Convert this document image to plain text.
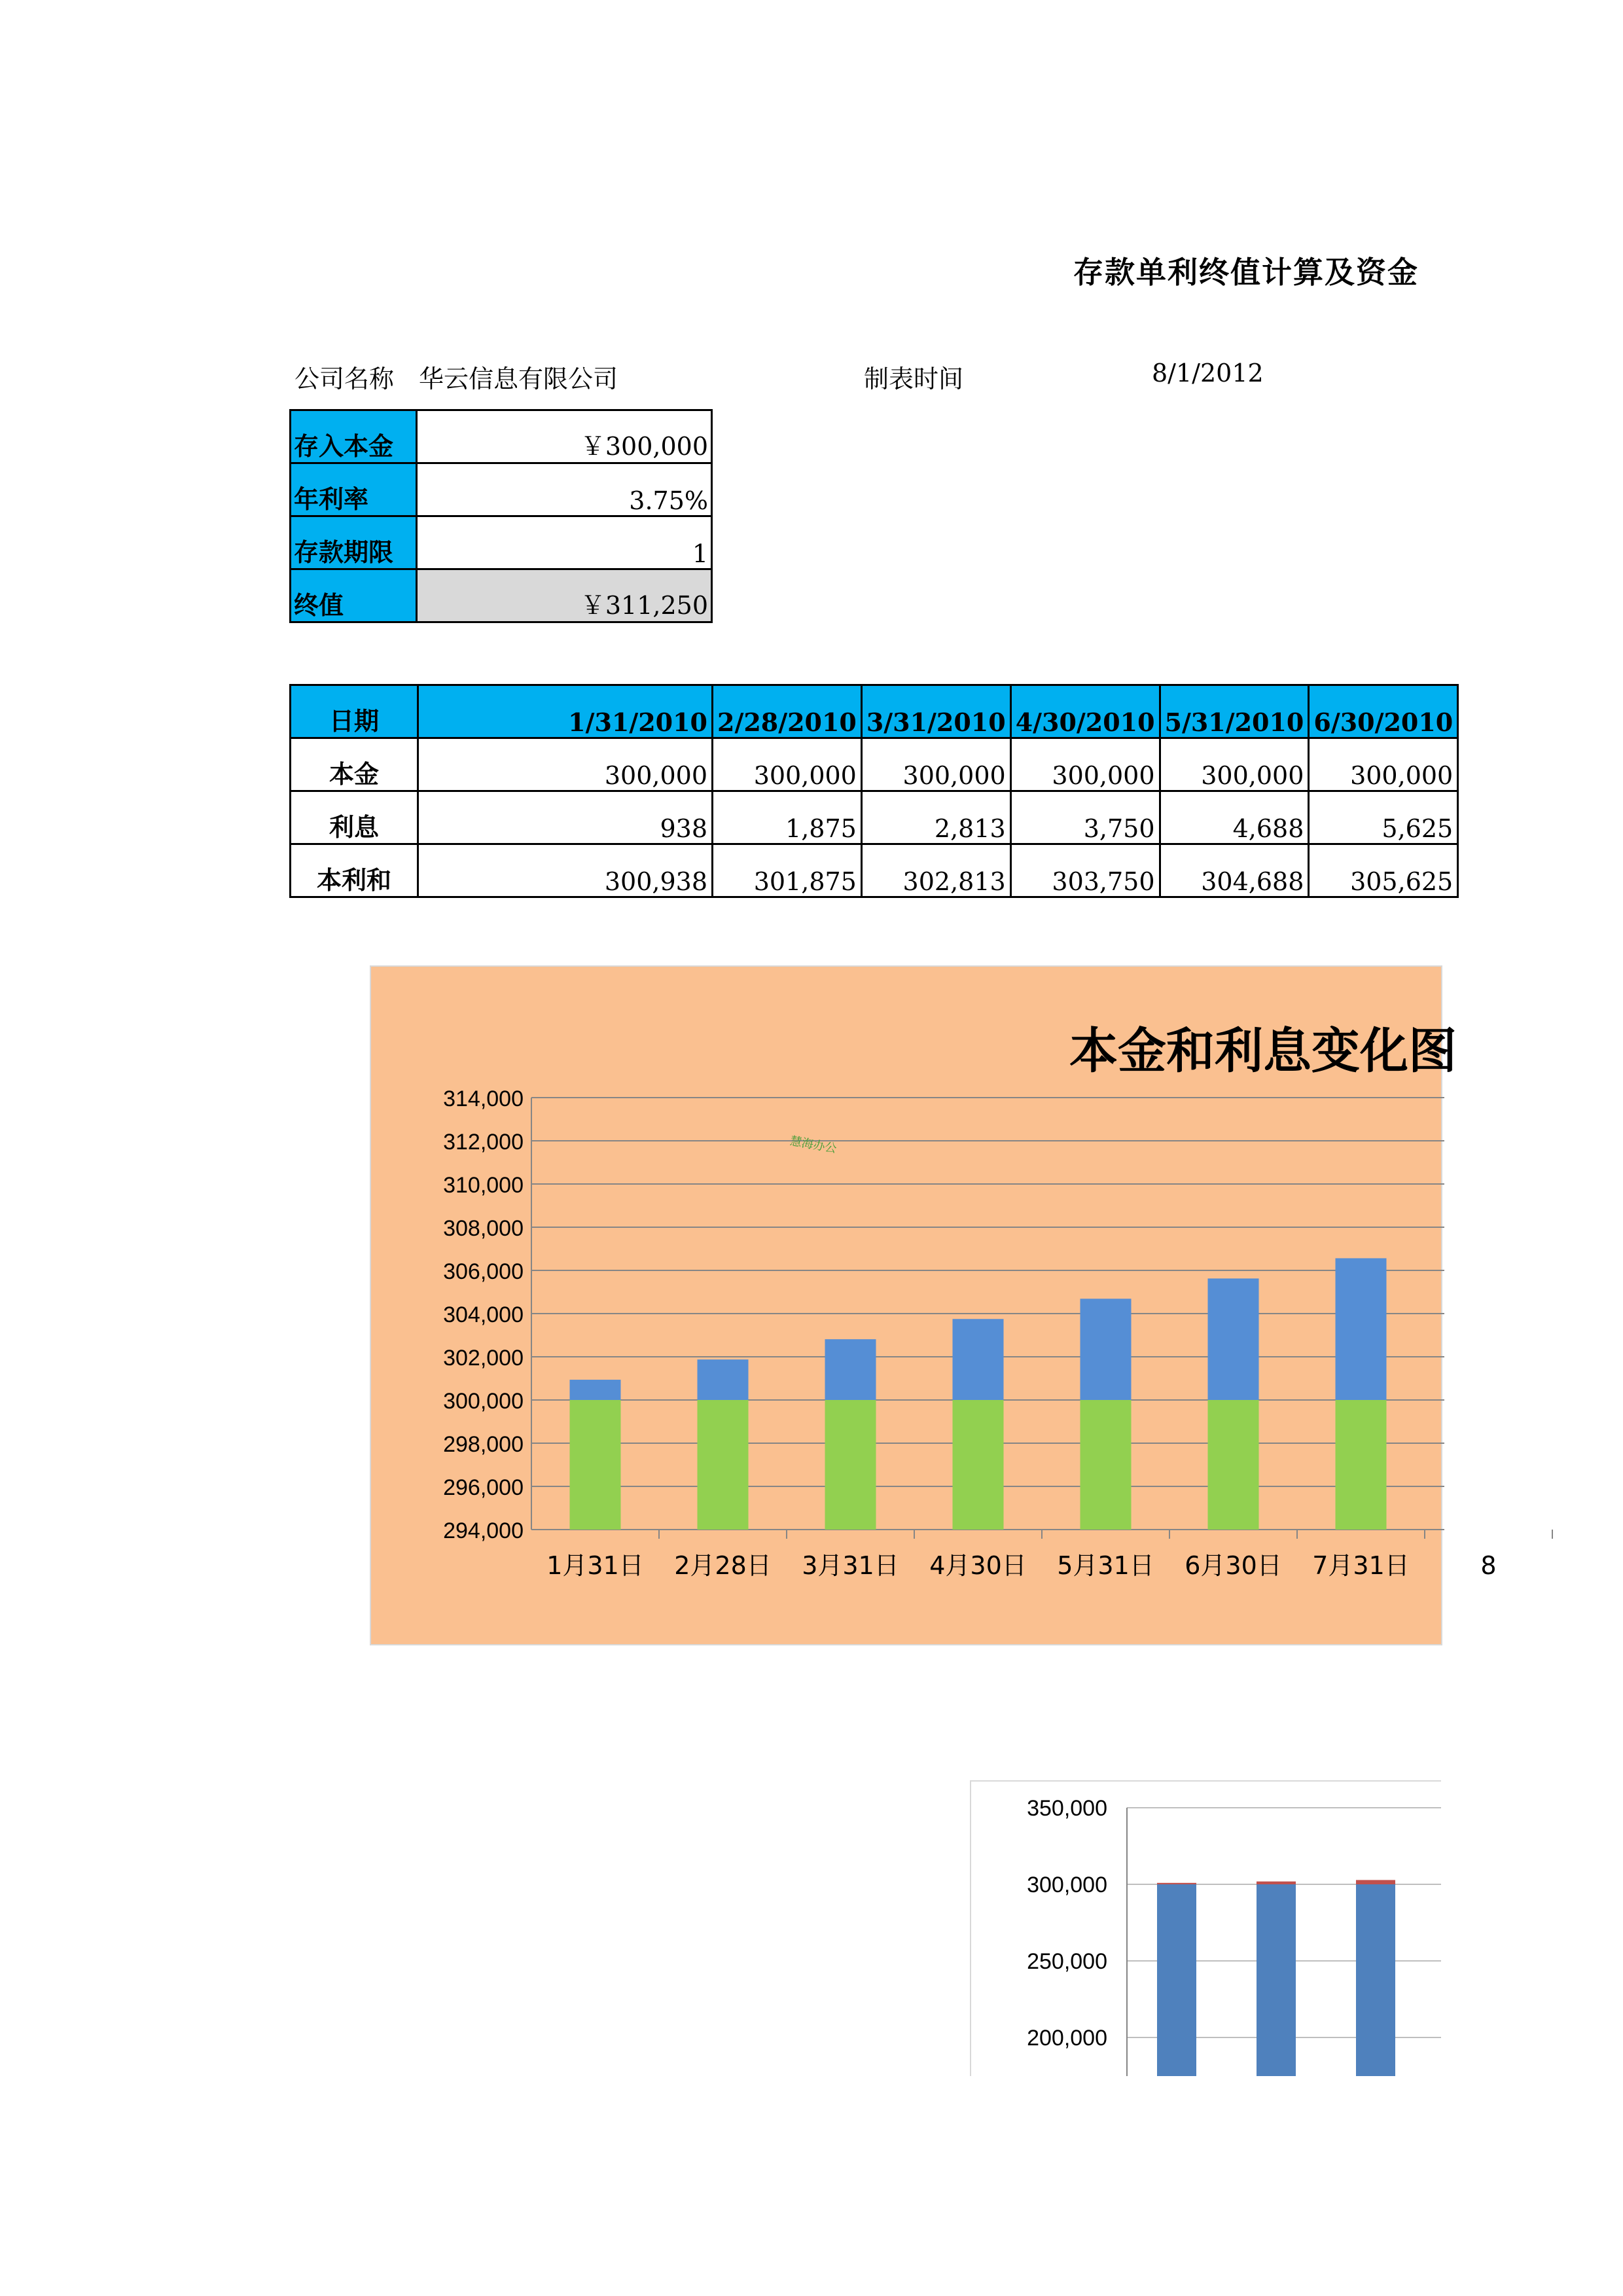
存款单利终值计算及资金
公司名称 华云信息有限公司	制表时间	8/1/2012
存入本金	￥300,000
年利率	3.75%
存款期限	1
终值	￥311,250
日期	1/31/2010	2/28/2010	3/31/2010	4/30/2010	5/31/2010	6/30/2010
本金	300,000	300,000	300,000	300,000	300,000	300,000
利息	938	1,875	2,813	3,750	4,688	5,625
本利和	300,938	301,875	302,813	303,750	304,688	305,625
本金和利息变化图
慧海办公
294,000
296,000
298,000
300,000
302,000
304,000
306,000
308,000
310,000
312,000
314,000
1月31日 2月28日 3月31日 4月30日 5月31日 6月30日 7月31日	8
200,000
250,000
300,000
350,000
